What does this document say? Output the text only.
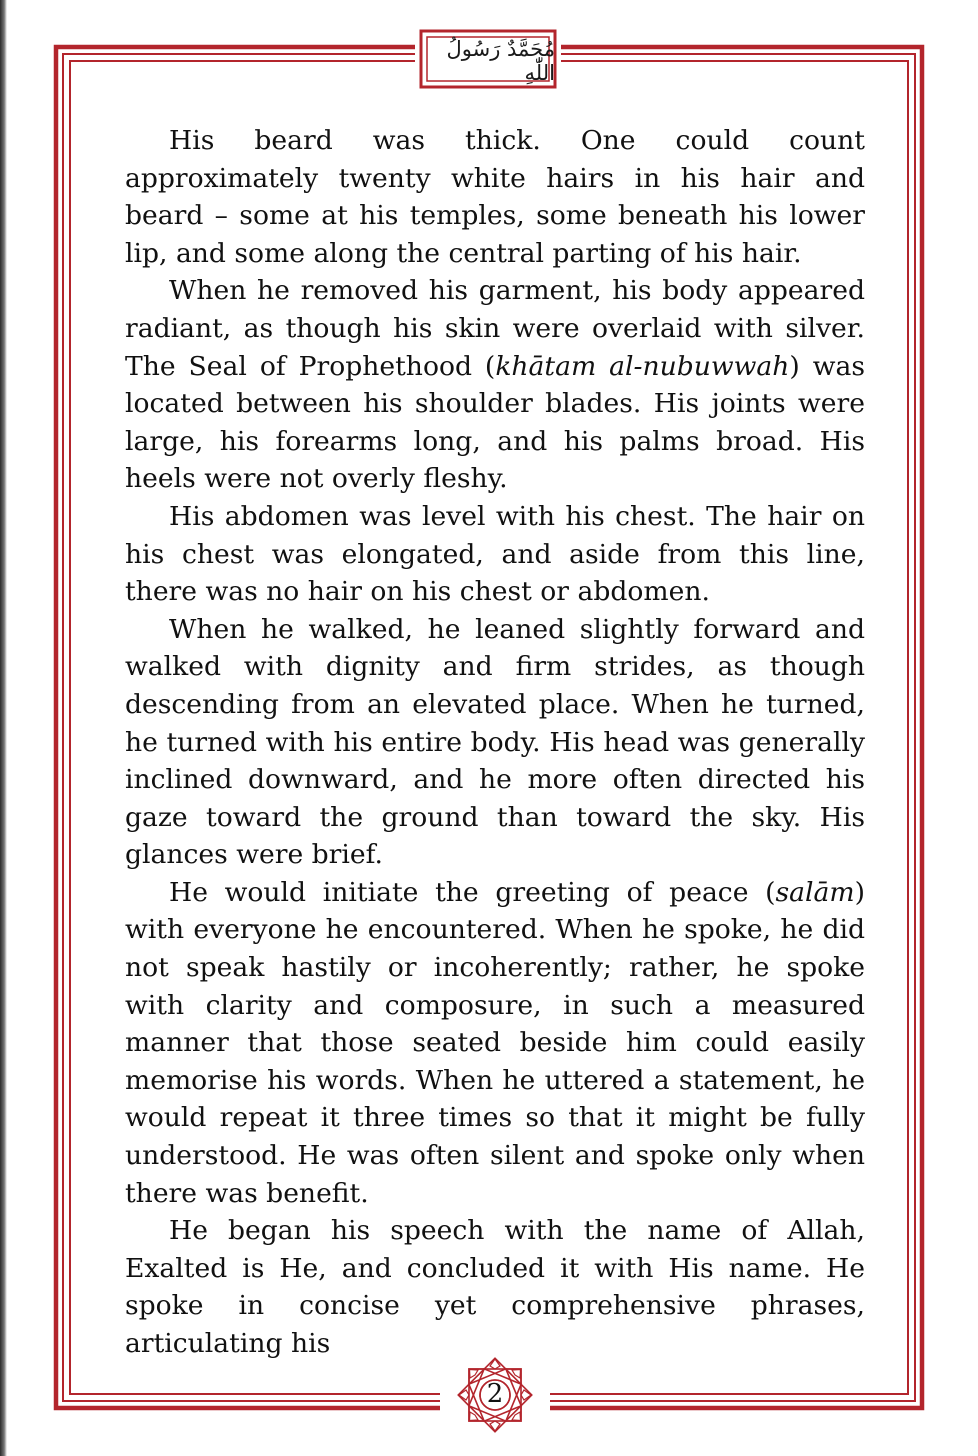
مُحَمَّدٌ رَسُولُ اللّٰهِ

His beard was thick. One could count approximately twenty white hairs in his hair and beard – some at his temples, some beneath his lower lip, and some along the central parting of his hair.

When he removed his garment, his body appeared radiant, as though his skin were overlaid with silver. The Seal of Prophethood (khātam al-nubuwwah) was located between his shoulder blades. His joints were large, his forearms long, and his palms broad. His heels were not overly fleshy.

His abdomen was level with his chest. The hair on his chest was elongated, and aside from this line, there was no hair on his chest or abdomen.

When he walked, he leaned slightly forward and walked with dignity and firm strides, as though descending from an elevated place. When he turned, he turned with his entire body. His head was generally inclined downward, and he more often directed his gaze toward the ground than toward the sky. His glances were brief.

He would initiate the greeting of peace (salām) with everyone he encountered. When he spoke, he did not speak hastily or incoherently; rather, he spoke with clarity and composure, in such a measured manner that those seated beside him could easily memorise his words. When he uttered a statement, he would repeat it three times so that it might be fully understood. He was often silent and spoke only when there was benefit.

He began his speech with the name of Allah, Exalted is He, and concluded it with His name. He spoke in concise yet comprehensive phrases, articulating his

2
